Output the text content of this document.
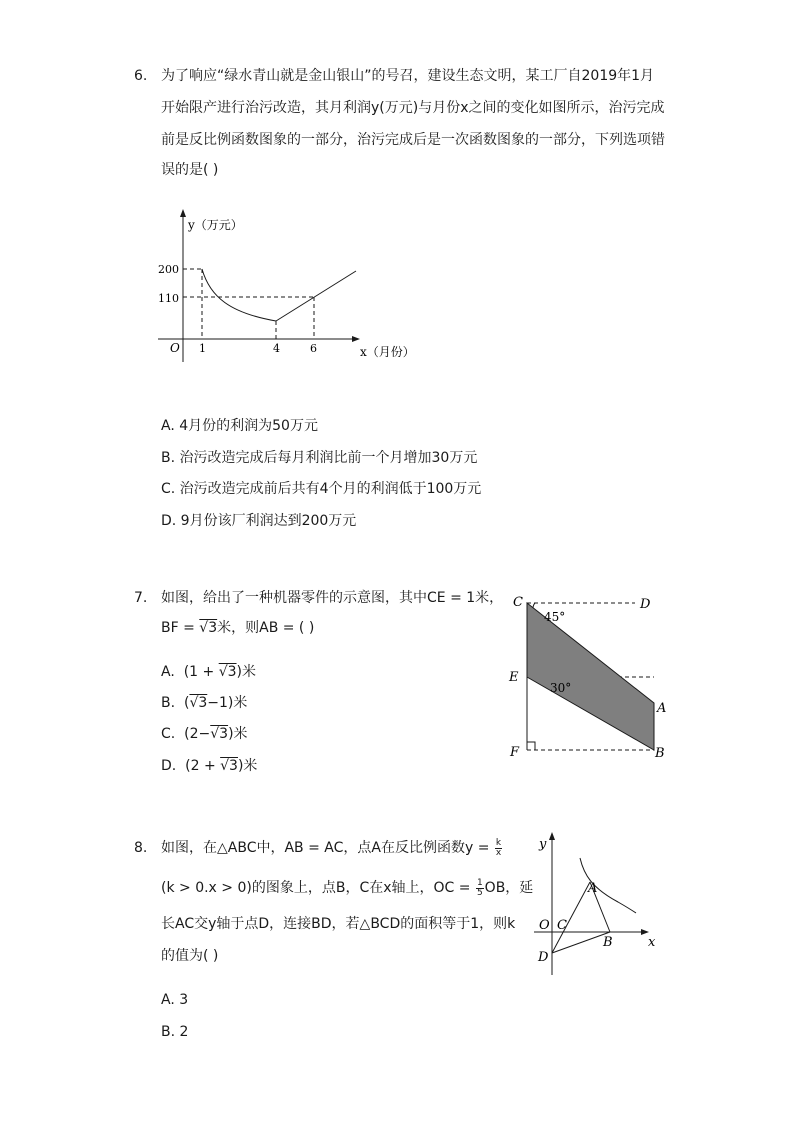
6. 为了响应“绿水青山就是金山银山”的号召，建设生态文明，某工厂自2019年1月
开始限产进行治污改造，其月利润y(万元)与月份x之间的变化如图所示，治污完成
前是反比例函数图象的一部分，治污完成后是一次函数图象的一部分，下列选项错
误的是( )
y（万元）
x（月份）
O
200
110
1	4	6
A. 4月份的利润为50万元
B. 治污改造完成后每月利润比前一个月增加30万元
C. 治污改造完成前后共有4个月的利润低于100万元
D. 9月份该厂利润达到200万元
7. 如图，给出了一种机器零件的示意图，其中CE = 1米，
BF = √3米，则AB = ( )
A. (1 + √3)米
B. (√3−1)米
C. (2−√3)米
D. (2 + √3)米
C	D
45°
E
30°
A
F	B
8. 如图，在△ABC中，AB = AC，点A在反比例函数$y = \frac{k}{x}$
(k > 0.x > 0)的图象上，点B，C在x轴上，OC = $\frac{1}{5}$ OB，延
长AC交y轴于点D，连接BD，若△BCD的面积等于1，则k
的值为( )
A. 3
B. 2
y
x
O C
A
B
D
